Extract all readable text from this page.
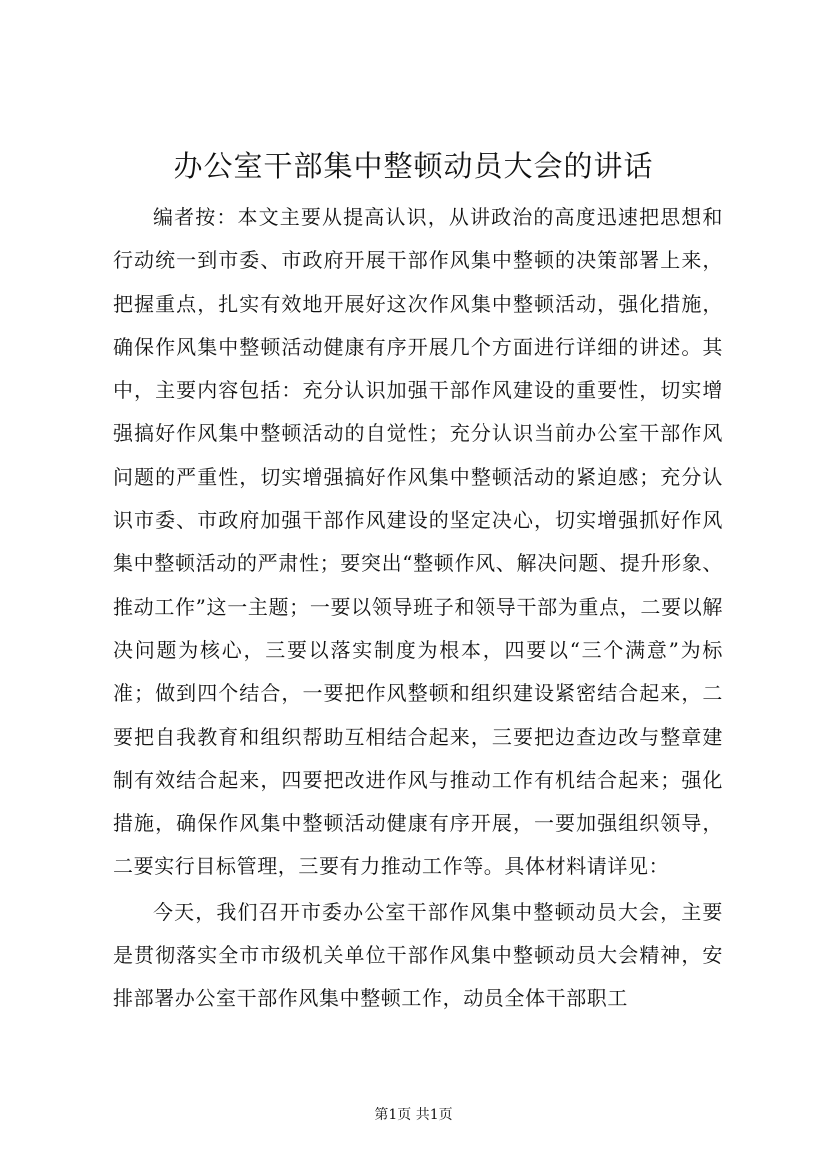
办公室干部集中整顿动员大会的讲话

编者按：本文主要从提高认识，从讲政治的高度迅速把思想和行动统一到市委、市政府开展干部作风集中整顿的决策部署上来，把握重点，扎实有效地开展好这次作风集中整顿活动，强化措施，确保作风集中整顿活动健康有序开展几个方面进行详细的讲述。其中，主要内容包括：充分认识加强干部作风建设的重要性，切实增强搞好作风集中整顿活动的自觉性；充分认识当前办公室干部作风问题的严重性，切实增强搞好作风集中整顿活动的紧迫感；充分认识市委、市政府加强干部作风建设的坚定决心，切实增强抓好作风集中整顿活动的严肃性；要突出“整顿作风、解决问题、提升形象、推动工作”这一主题；一要以领导班子和领导干部为重点，二要以解决问题为核心，三要以落实制度为根本，四要以“三个满意”为标准；做到四个结合，一要把作风整顿和组织建设紧密结合起来，二要把自我教育和组织帮助互相结合起来，三要把边查边改与整章建制有效结合起来，四要把改进作风与推动工作有机结合起来；强化措施，确保作风集中整顿活动健康有序开展，一要加强组织领导，二要实行目标管理，三要有力推动工作等。具体材料请详见：

今天，我们召开市委办公室干部作风集中整顿动员大会，主要是贯彻落实全市市级机关单位干部作风集中整顿动员大会精神，安排部署办公室干部作风集中整顿工作，动员全体干部职工

第1页 共1页
